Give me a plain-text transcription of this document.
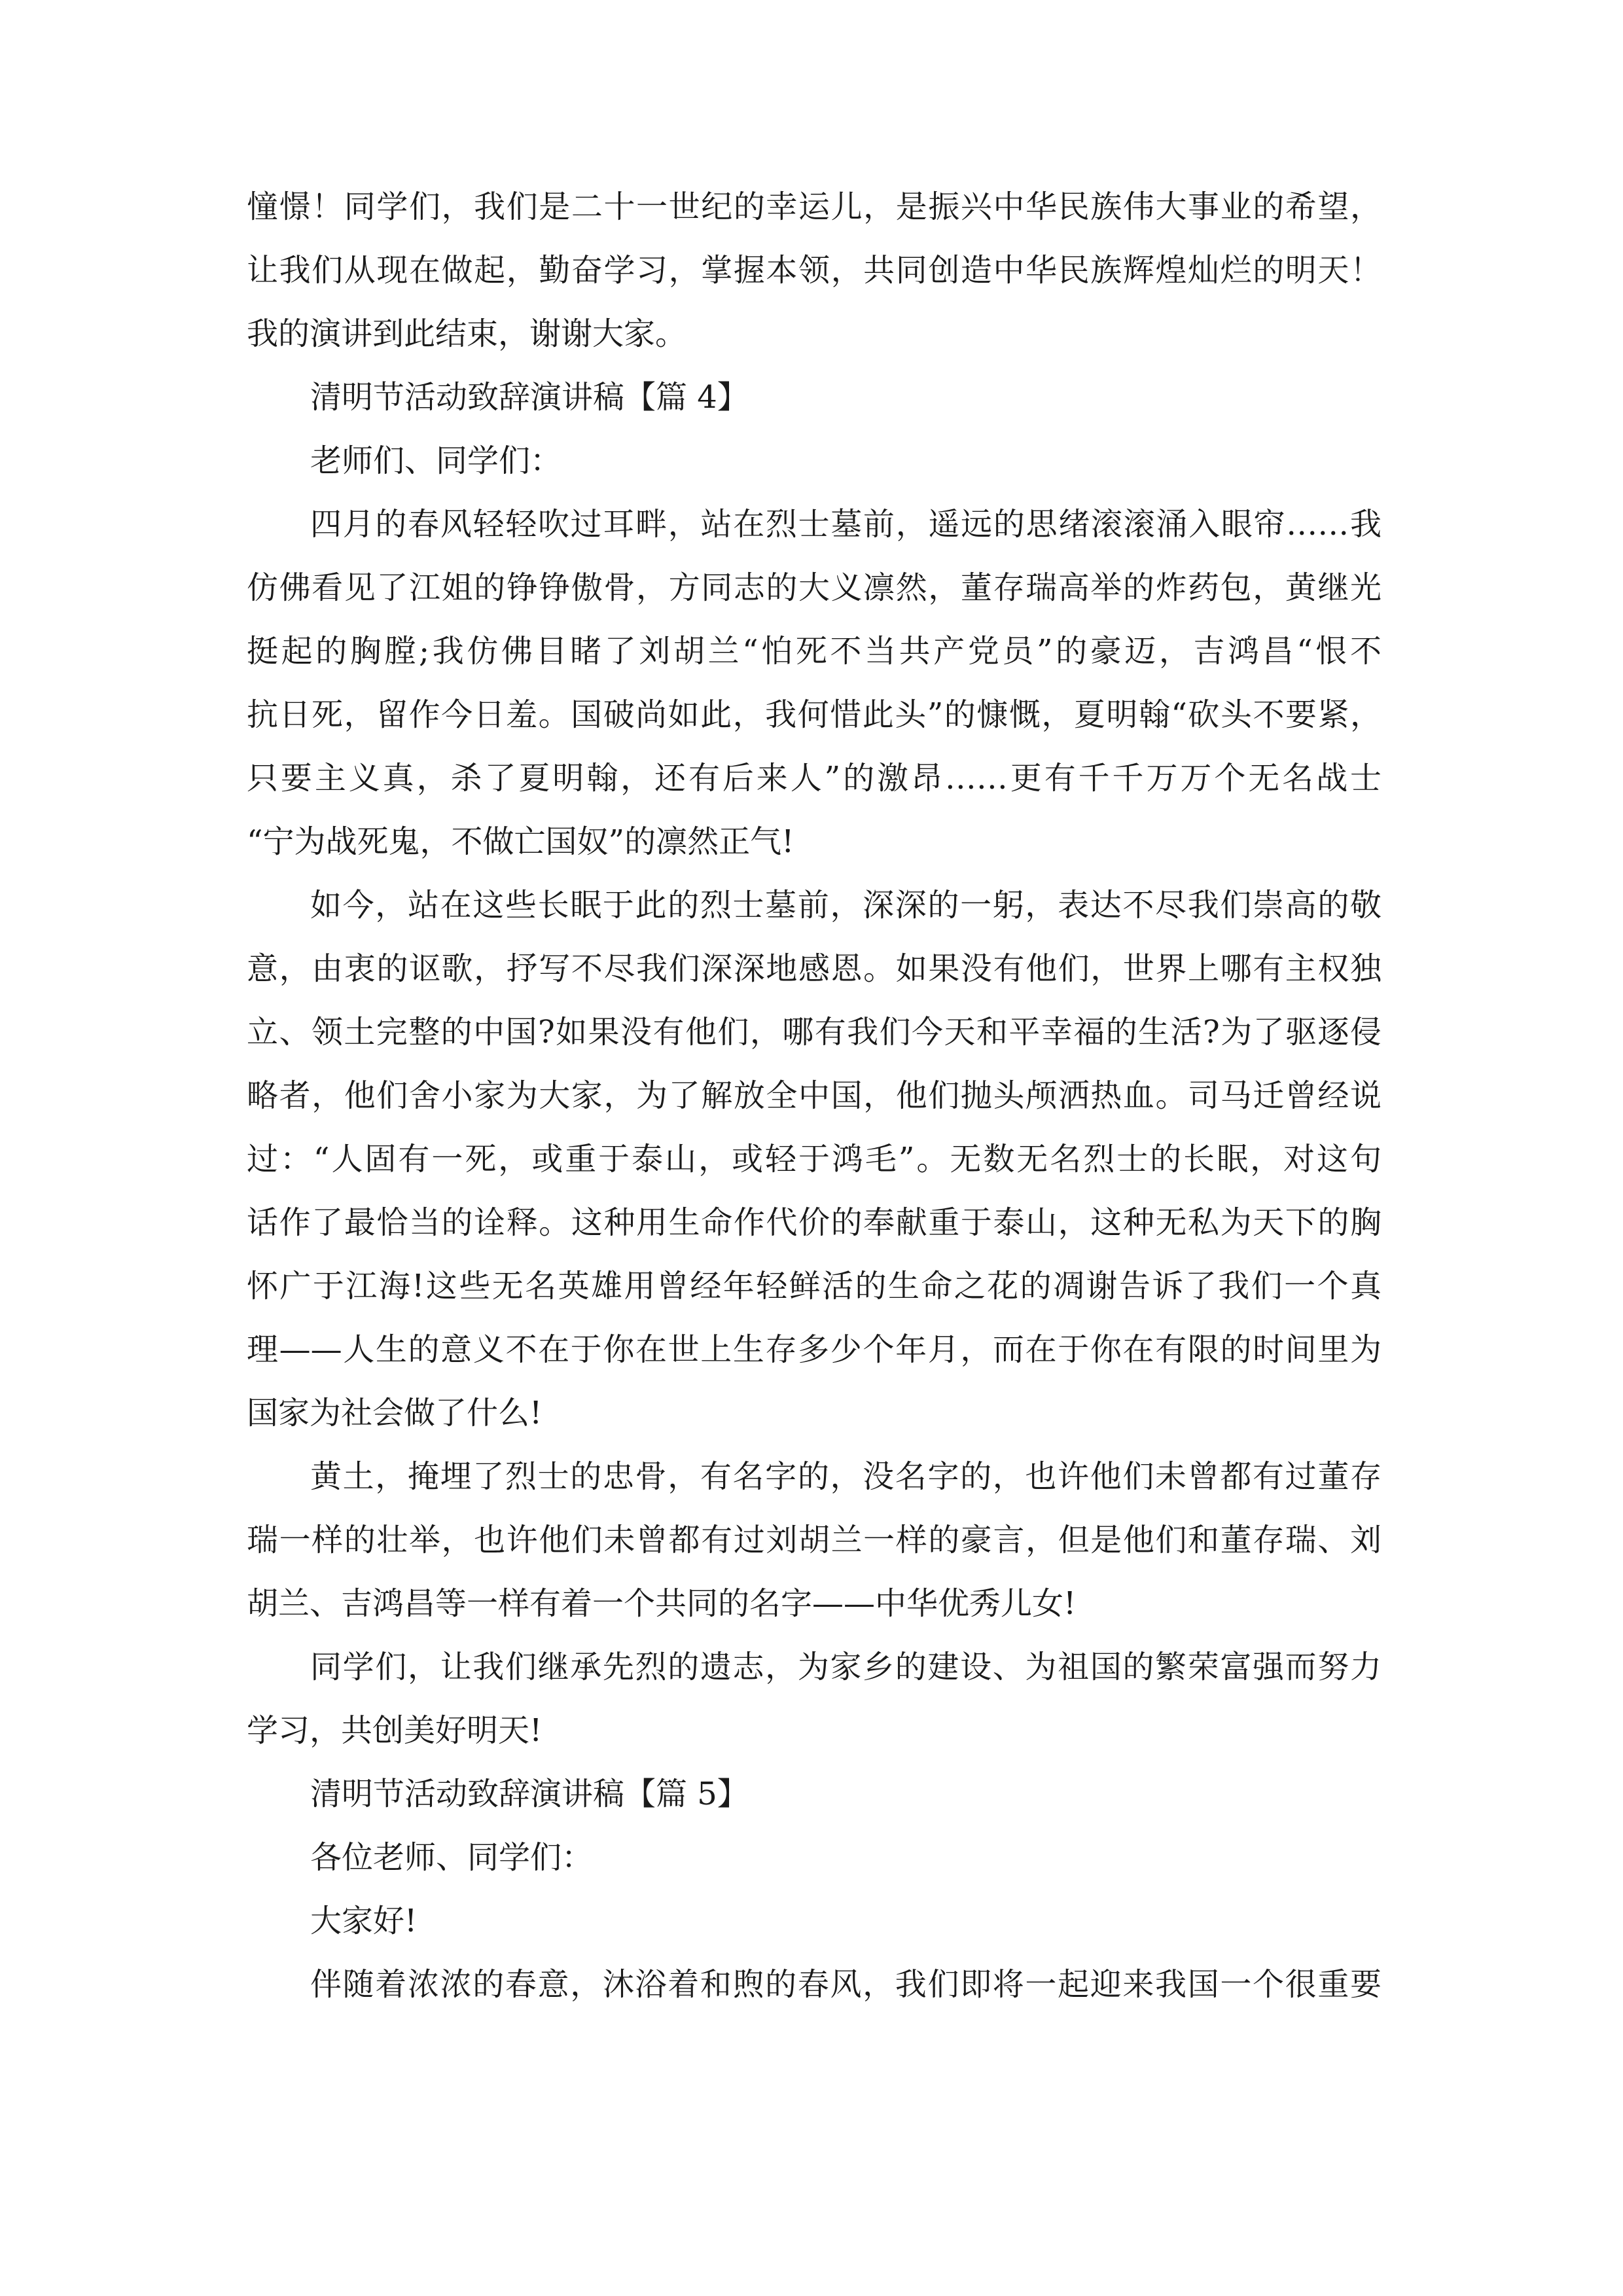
憧憬！同学们，我们是二十一世纪的幸运儿，是振兴中华民族伟大事业的希望，
让我们从现在做起，勤奋学习，掌握本领，共同创造中华民族辉煌灿烂的明天！
我的演讲到此结束，谢谢大家。
清明节活动致辞演讲稿【篇 4】
老师们、同学们：
四月的春风轻轻吹过耳畔，站在烈士墓前，遥远的思绪滚滚涌入眼帘……我
仿佛看见了江姐的铮铮傲骨，方同志的大义凛然，董存瑞高举的炸药包，黄继光
挺起的胸膛;我仿佛目睹了刘胡兰“怕死不当共产党员”的豪迈，吉鸿昌“恨不
抗日死，留作今日羞。国破尚如此，我何惜此头”的慷慨，夏明翰“砍头不要紧，
只要主义真，杀了夏明翰，还有后来人”的激昂……更有千千万万个无名战士
“宁为战死鬼，不做亡国奴”的凛然正气!
如今，站在这些长眠于此的烈士墓前，深深的一躬，表达不尽我们崇高的敬
意，由衷的讴歌，抒写不尽我们深深地感恩。如果没有他们，世界上哪有主权独
立、领土完整的中国?如果没有他们，哪有我们今天和平幸福的生活?为了驱逐侵
略者，他们舍小家为大家，为了解放全中国，他们抛头颅洒热血。司马迁曾经说
过：“人固有一死，或重于泰山，或轻于鸿毛”。无数无名烈士的长眠，对这句
话作了最恰当的诠释。这种用生命作代价的奉献重于泰山，这种无私为天下的胸
怀广于江海!这些无名英雄用曾经年轻鲜活的生命之花的凋谢告诉了我们一个真
理——人生的意义不在于你在世上生存多少个年月，而在于你在有限的时间里为
国家为社会做了什么!
黄土，掩埋了烈士的忠骨，有名字的，没名字的，也许他们未曾都有过董存
瑞一样的壮举，也许他们未曾都有过刘胡兰一样的豪言，但是他们和董存瑞、刘
胡兰、吉鸿昌等一样有着一个共同的名字——中华优秀儿女!
同学们，让我们继承先烈的遗志，为家乡的建设、为祖国的繁荣富强而努力
学习，共创美好明天!
清明节活动致辞演讲稿【篇 5】
各位老师、同学们：
大家好!
伴随着浓浓的春意，沐浴着和煦的春风，我们即将一起迎来我国一个很重要
